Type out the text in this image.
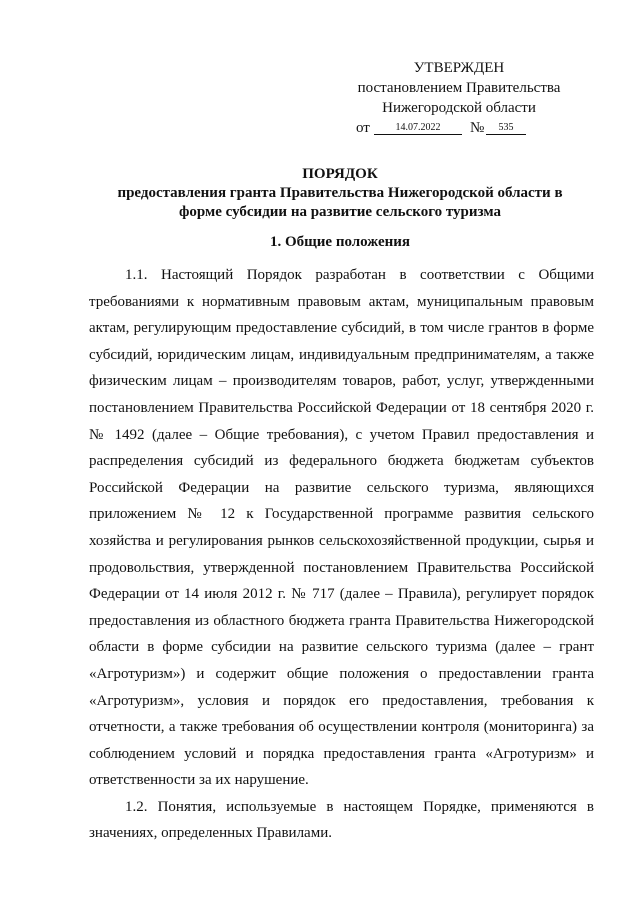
УТВЕРЖДЕН
постановлением Правительства
Нижегородской области
от	14.07.2022	№	535
ПОРЯДОК
предоставления гранта Правительства Нижегородской области в форме субсидии на развитие сельского туризма
1. Общие положения

1.1. Настоящий Порядок разработан в соответствии с Общими требованиями к нормативным правовым актам, муниципальным правовым актам, регулирующим предоставление субсидий, в том числе грантов в форме субсидий, юридическим лицам, индивидуальным предпринимателям, а также физическим лицам – производителям товаров, работ, услуг, утвержденными постановлением Правительства Российской Федерации от 18 сентября 2020 г. № 1492 (далее – Общие требования), с учетом Правил предоставления и распределения субсидий из федерального бюджета бюджетам субъектов Российской Федерации на развитие сельского туризма, являющихся приложением № 12 к Государственной программе развития сельского хозяйства и регулирования рынков сельскохозяйственной продукции, сырья и продовольствия, утвержденной постановлением Правительства Российской Федерации от 14 июля 2012 г. № 717 (далее – Правила), регулирует порядок предоставления из областного бюджета гранта Правительства Нижегородской области в форме субсидии на развитие сельского туризма (далее – грант «Агротуризм») и содержит общие положения о предоставлении гранта «Агротуризм», условия и порядок его предоставления, требования к отчетности, а также требования об осуществлении контроля (мониторинга) за соблюдением условий и порядка предоставления гранта «Агротуризм» и ответственности за их нарушение.

1.2. Понятия, используемые в настоящем Порядке, применяются в значениях, определенных Правилами.
